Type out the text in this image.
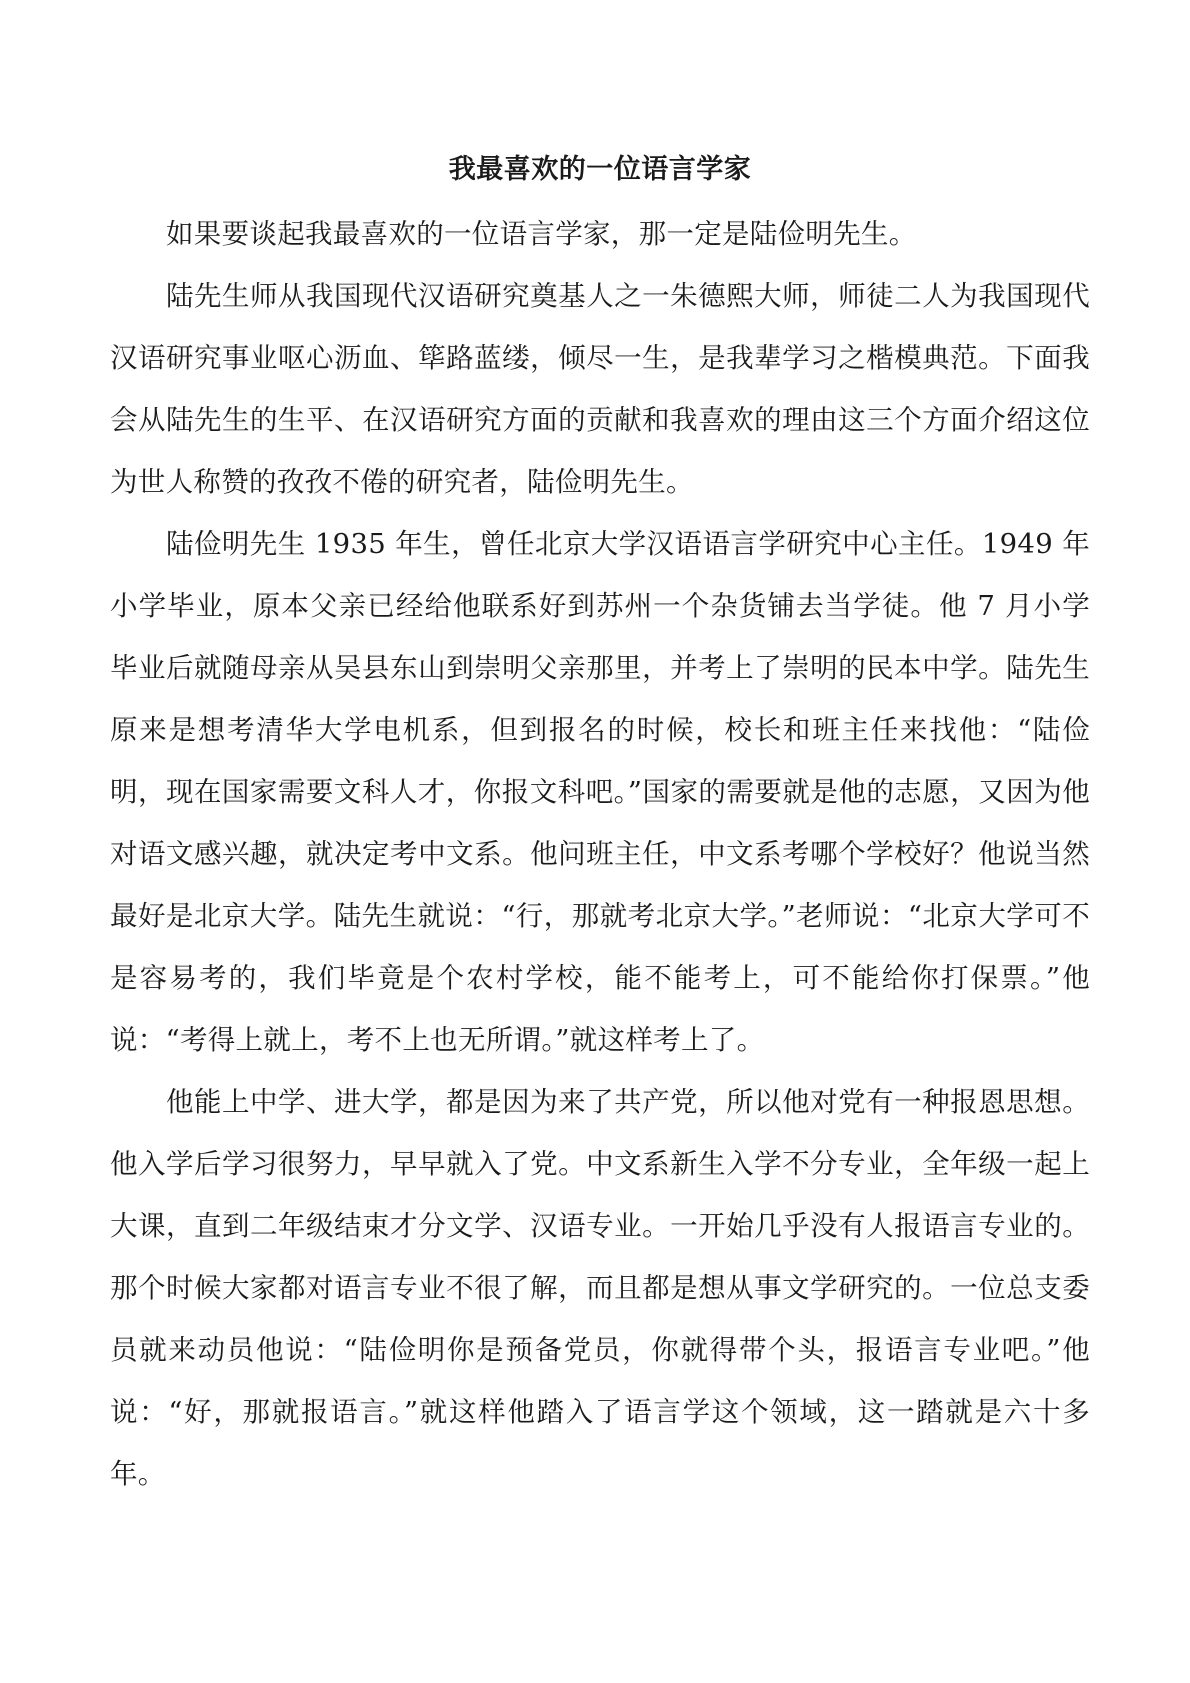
我最喜欢的一位语言学家

如果要谈起我最喜欢的一位语言学家，那一定是陆俭明先生。

陆先生师从我国现代汉语研究奠基人之一朱德熙大师，师徒二人为我国现代汉语研究事业呕心沥血、筚路蓝缕，倾尽一生，是我辈学习之楷模典范。下面我会从陆先生的生平、在汉语研究方面的贡献和我喜欢的理由这三个方面介绍这位为世人称赞的孜孜不倦的研究者，陆俭明先生。

陆俭明先生 1935 年生，曾任北京大学汉语语言学研究中心主任。1949 年小学毕业，原本父亲已经给他联系好到苏州一个杂货铺去当学徒。他 7 月小学毕业后就随母亲从吴县东山到崇明父亲那里，并考上了崇明的民本中学。陆先生原来是想考清华大学电机系，但到报名的时候，校长和班主任来找他：“陆俭明，现在国家需要文科人才，你报文科吧。”国家的需要就是他的志愿，又因为他对语文感兴趣，就决定考中文系。他问班主任，中文系考哪个学校好？他说当然最好是北京大学。陆先生就说：“行，那就考北京大学。”老师说：“北京大学可不是容易考的，我们毕竟是个农村学校，能不能考上，可不能给你打保票。”他说：“考得上就上，考不上也无所谓。”就这样考上了。

他能上中学、进大学，都是因为来了共产党，所以他对党有一种报恩思想。他入学后学习很努力，早早就入了党。中文系新生入学不分专业，全年级一起上大课，直到二年级结束才分文学、汉语专业。一开始几乎没有人报语言专业的。那个时候大家都对语言专业不很了解，而且都是想从事文学研究的。一位总支委员就来动员他说：“陆俭明你是预备党员，你就得带个头，报语言专业吧。”他说：“好，那就报语言。”就这样他踏入了语言学这个领域，这一踏就是六十多年。
